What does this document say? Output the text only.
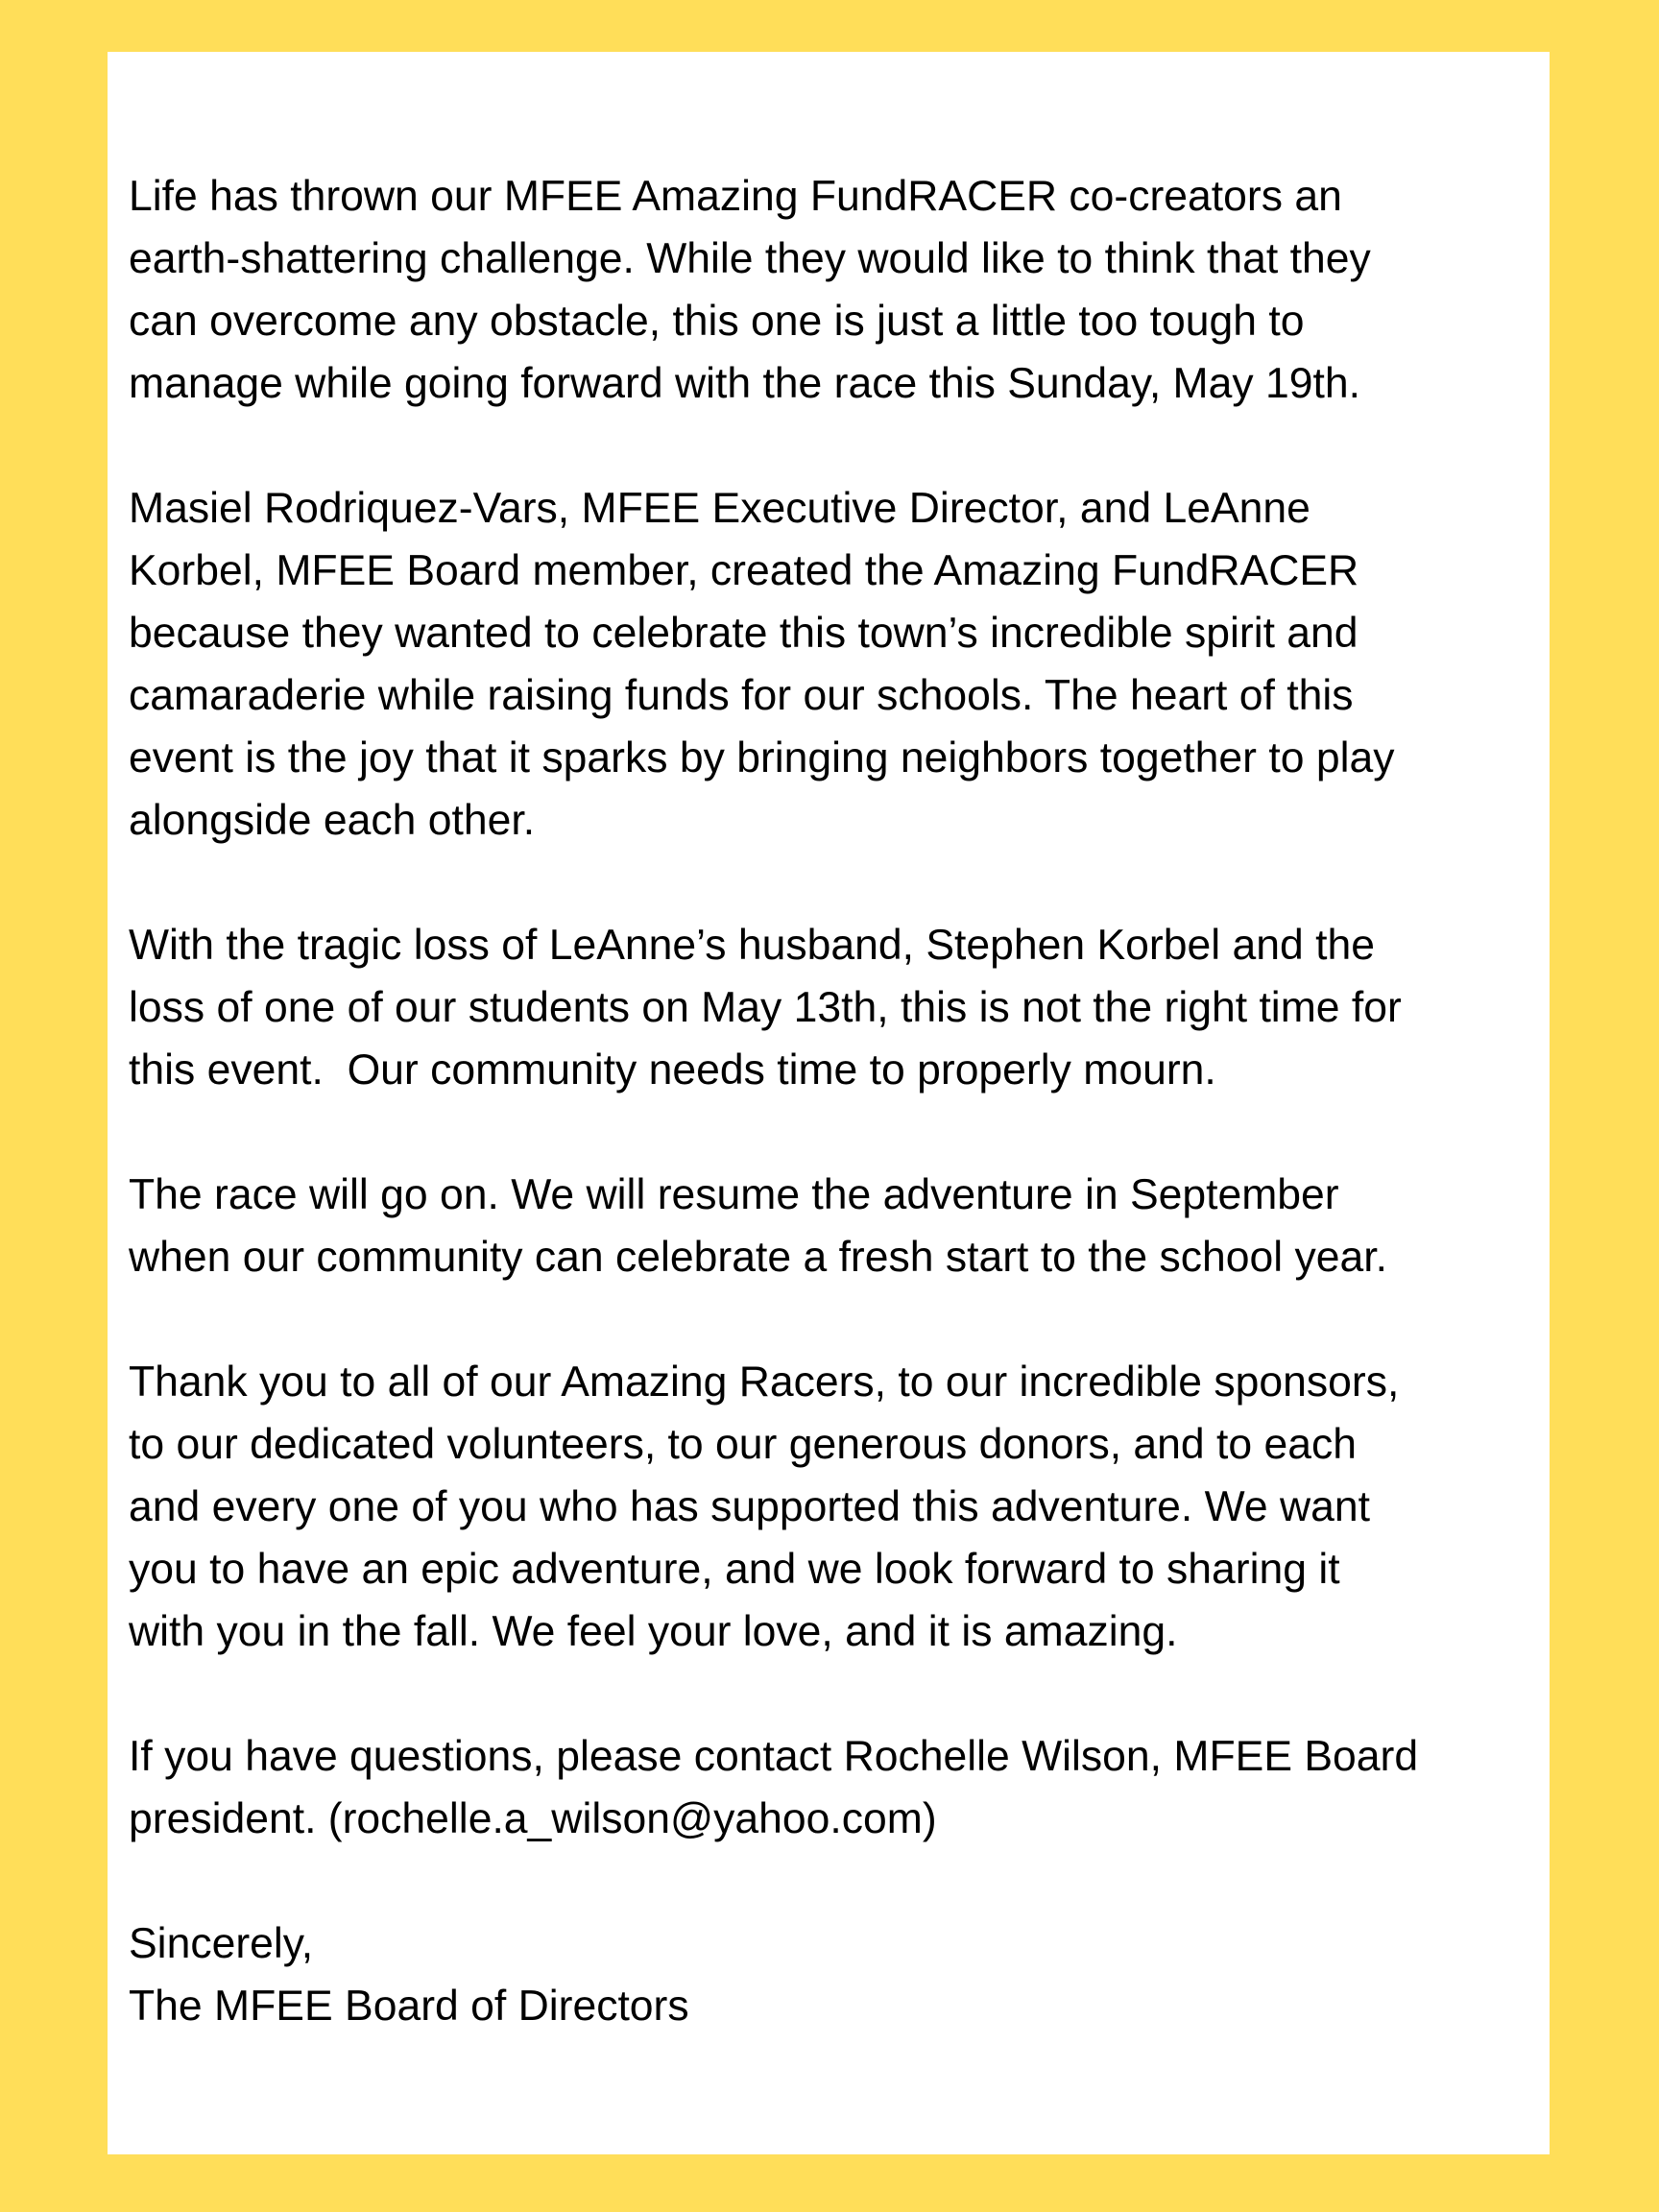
Life has thrown our MFEE Amazing FundRACER co-creators an
earth-shattering challenge. While they would like to think that they
can overcome any obstacle, this one is just a little too tough to
manage while going forward with the race this Sunday, May 19th.

Masiel Rodriquez-Vars, MFEE Executive Director, and LeAnne
Korbel, MFEE Board member, created the Amazing FundRACER
because they wanted to celebrate this town’s incredible spirit and
camaraderie while raising funds for our schools. The heart of this
event is the joy that it sparks by bringing neighbors together to play
alongside each other.

With the tragic loss of LeAnne’s husband, Stephen Korbel and the
loss of one of our students on May 13th, this is not the right time for
this event.  Our community needs time to properly mourn.

The race will go on. We will resume the adventure in September
when our community can celebrate a fresh start to the school year.

Thank you to all of our Amazing Racers, to our incredible sponsors,
to our dedicated volunteers, to our generous donors, and to each
and every one of you who has supported this adventure. We want
you to have an epic adventure, and we look forward to sharing it
with you in the fall. We feel your love, and it is amazing.

If you have questions, please contact Rochelle Wilson, MFEE Board
president. (rochelle.a_wilson@yahoo.com)

Sincerely,
The MFEE Board of Directors
